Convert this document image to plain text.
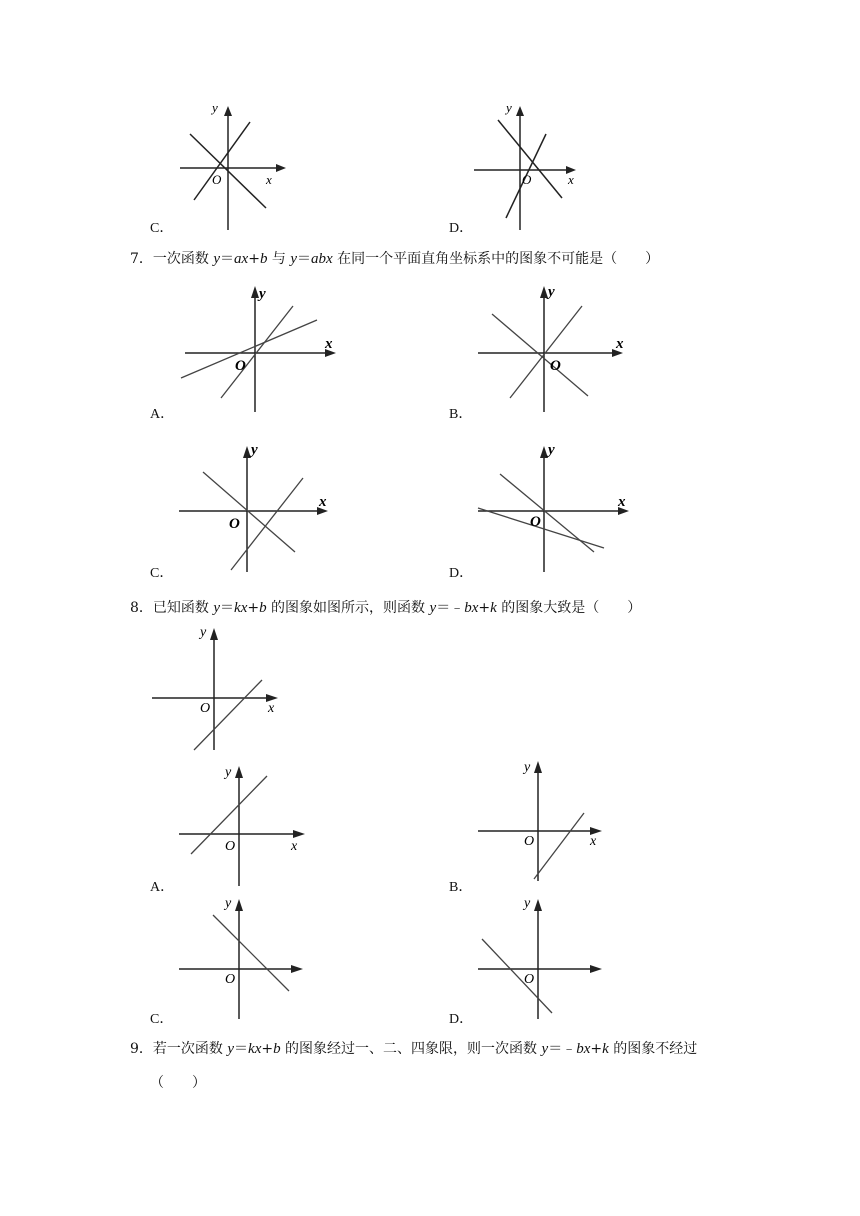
y
x
O
C．
y
x
O
D．
7．一次函数 y＝ax+b 与 y＝abx 在同一个平面直角坐标系中的图象不可能是（　　）
y
x
O
A．
y
x
O
B．
y
x
O
C．
y
x
O
D．
8．已知函数 y＝kx+b 的图象如图所示，则函数 y＝﹣bx+k 的图象大致是（　　）
y
x
O
y
x
O
A．
y
x
O
B．
y
O
C．
y
O
D．
9．若一次函数 y＝kx+b 的图象经过一、二、四象限，则一次函数 y＝﹣bx+k 的图象不经过
（　　）
